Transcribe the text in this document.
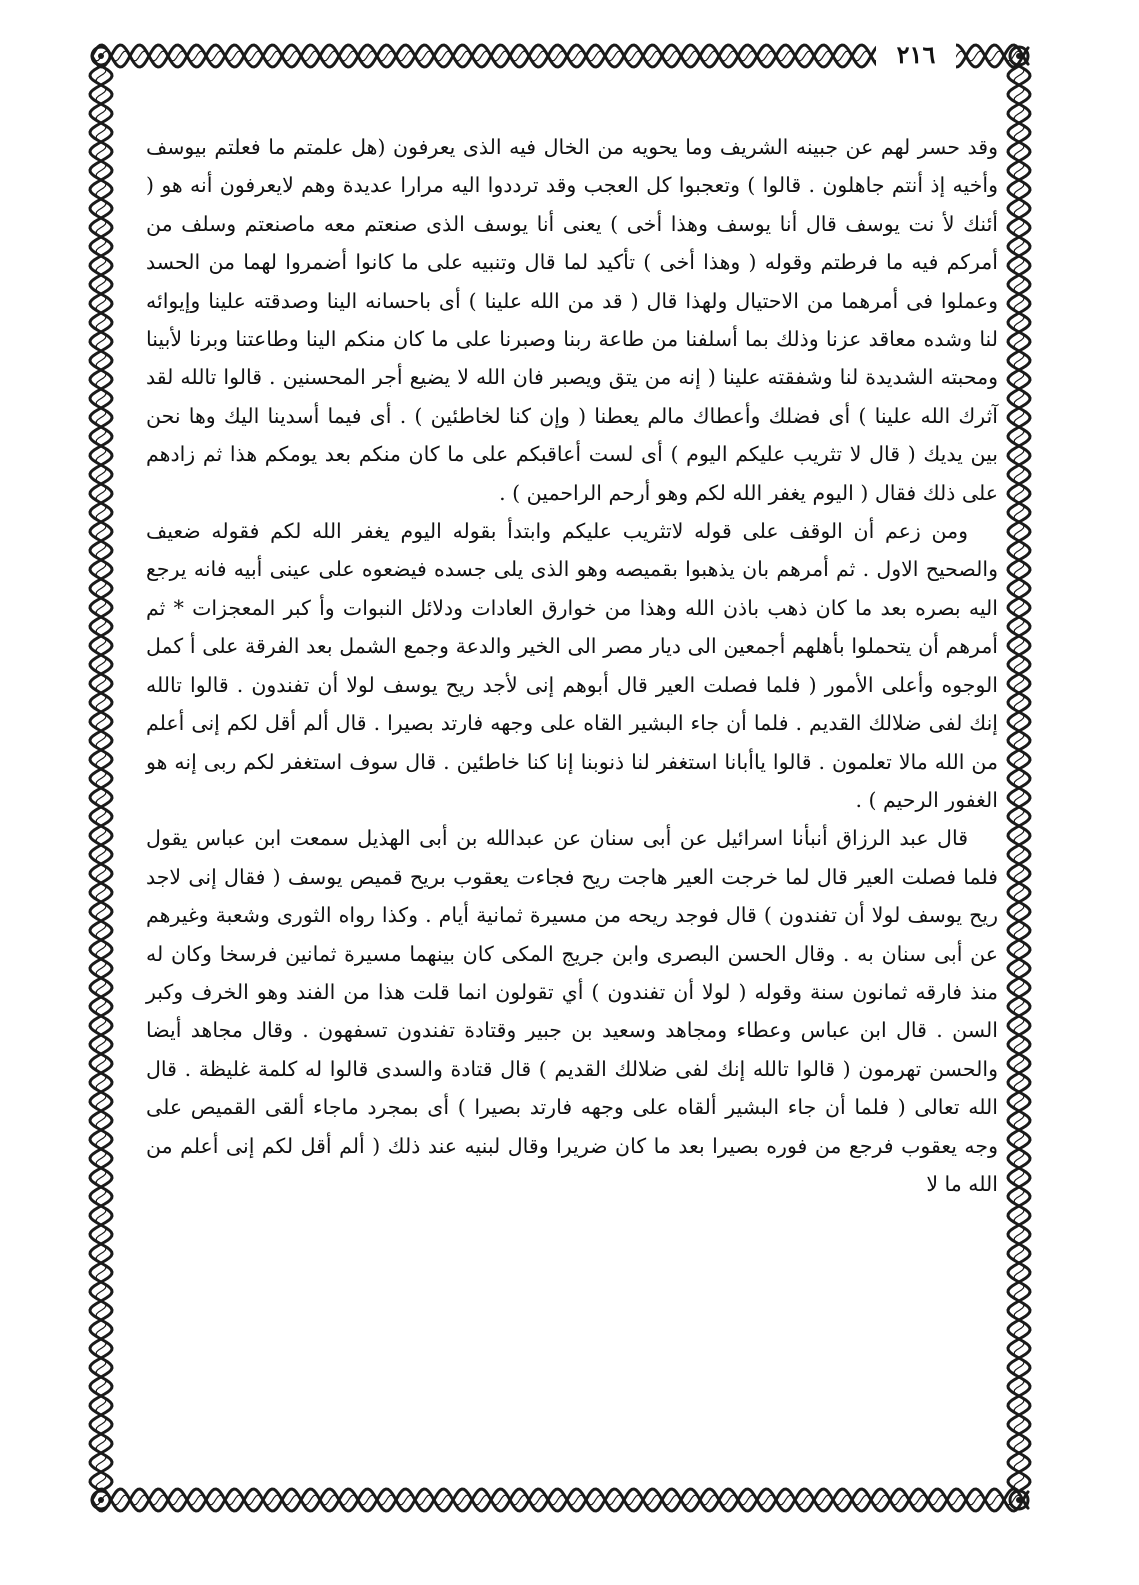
٢١٦

وقد حسر لهم عن جبينه الشريف وما يحويه من الخال فيه الذى يعرفون (هل علمتم ما فعلتم بيوسف وأخيه إذ أنتم جاهلون . قالوا ) وتعجبوا كل العجب وقد ترددوا اليه مرارا عديدة وهم لايعرفون أنه هو ( أئنك لأ نت يوسف قال أنا يوسف وهذا أخى ) يعنى أنا يوسف الذى صنعتم معه ماصنعتم وسلف من أمركم فيه ما فرطتم وقوله ( وهذا أخى ) تأكيد لما قال وتنبيه على ما كانوا أضمروا لهما من الحسد وعملوا فى أمرهما من الاحتيال ولهذا قال ( قد من الله علينا ) أى باحسانه الينا وصدقته علينا وإيوائه لنا وشده معاقد عزنا وذلك بما أسلفنا من طاعة ربنا وصبرنا على ما كان منكم الينا وطاعتنا وبرنا لأبينا ومحبته الشديدة لنا وشفقته علينا ( إنه من يتق ويصبر فان الله لا يضيع أجر المحسنين . قالوا تالله لقد آثرك الله علينا ) أى فضلك وأعطاك مالم يعطنا ( وإن كنا لخاطئين ) . أى فيما أسدينا اليك وها نحن بين يديك ( قال لا تثريب عليكم اليوم ) أى لست أعاقبكم على ما كان منكم بعد يومكم هذا ثم زادهم على ذلك فقال ( اليوم يغفر الله لكم وهو أرحم الراحمين ) .

ومن زعم أن الوقف على قوله لاتثريب عليكم وابتدأ بقوله اليوم يغفر الله لكم فقوله ضعيف والصحيح الاول . ثم أمرهم بان يذهبوا بقميصه وهو الذى يلى جسده فيضعوه على عينى أبيه فانه يرجع اليه بصره بعد ما كان ذهب باذن الله وهذا من خوارق العادات ودلائل النبوات وأ كبر المعجزات * ثم أمرهم أن يتحملوا بأهلهم أجمعين الى ديار مصر الى الخير والدعة وجمع الشمل بعد الفرقة على أ كمل الوجوه وأعلى الأمور ( فلما فصلت العير قال أبوهم إنى لأجد ريح يوسف لولا أن تفندون . قالوا تالله إنك لفى ضلالك القديم . فلما أن جاء البشير القاه على وجهه فارتد بصيرا . قال ألم أقل لكم إنى أعلم من الله مالا تعلمون . قالوا ياأبانا استغفر لنا ذنوبنا إنا كنا خاطئين . قال سوف استغفر لكم ربى إنه هو الغفور الرحيم ) .

قال عبد الرزاق أنبأنا اسرائيل عن أبى سنان عن عبدالله بن أبى الهذيل سمعت ابن عباس يقول فلما فصلت العير قال لما خرجت العير هاجت ريح فجاءت يعقوب بريح قميص يوسف ( فقال إنى لاجد ريح يوسف لولا أن تفندون ) قال فوجد ريحه من مسيرة ثمانية أيام . وكذا رواه الثورى وشعبة وغيرهم عن أبى سنان به . وقال الحسن البصرى وابن جريج المكى كان بينهما مسيرة ثمانين فرسخا وكان له منذ فارقه ثمانون سنة وقوله ( لولا أن تفندون ) أي تقولون انما قلت هذا من الفند وهو الخرف وكبر السن . قال ابن عباس وعطاء ومجاهد وسعيد بن جبير وقتادة تفندون تسفهون . وقال مجاهد أيضا والحسن تهرمون ( قالوا تالله إنك لفى ضلالك القديم ) قال قتادة والسدى قالوا له كلمة غليظة . قال الله تعالى ( فلما أن جاء البشير ألقاه على وجهه فارتد بصيرا ) أى بمجرد ماجاء ألقى القميص على وجه يعقوب فرجع من فوره بصيرا بعد ما كان ضريرا وقال لبنيه عند ذلك ( ألم أقل لكم إنى أعلم من الله ما لا
